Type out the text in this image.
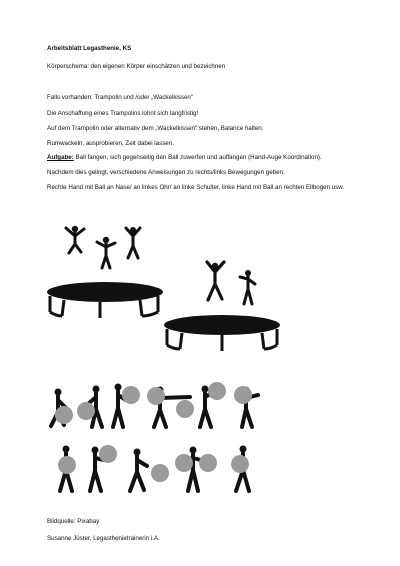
Arbeitsblatt Legasthenie, KS
Körperschema: den eigenen Körper einschätzen und bezeichnen
Falls vorhanden: Trampolin und /oder „Wackelkissen“
Die Anschaffung eines Trampolins lohnt sich langfristig!
Auf dem Trampolin oder alternativ dem „Wackelkissen“ stehen, Balance halten.
Rumwackeln, ausprobieren, Zeit dabei lassen.
Aufgabe: Ball fangen, sich gegenseitig den Ball zuwerfen und auffangen (Hand-Auge Koordination).
Nachdem dies gelingt, verschiedene Anweisungen zu rechts/links Bewegungen geben:
Rechte Hand mit Ball an Nase/ an linkes Ohr/ an linke Schulter, linke Hand mit Ball an rechten Ellbogen usw.
Bildquelle: Pixabay
Susanne Jüster, Legasthenietrainerin i.A.
